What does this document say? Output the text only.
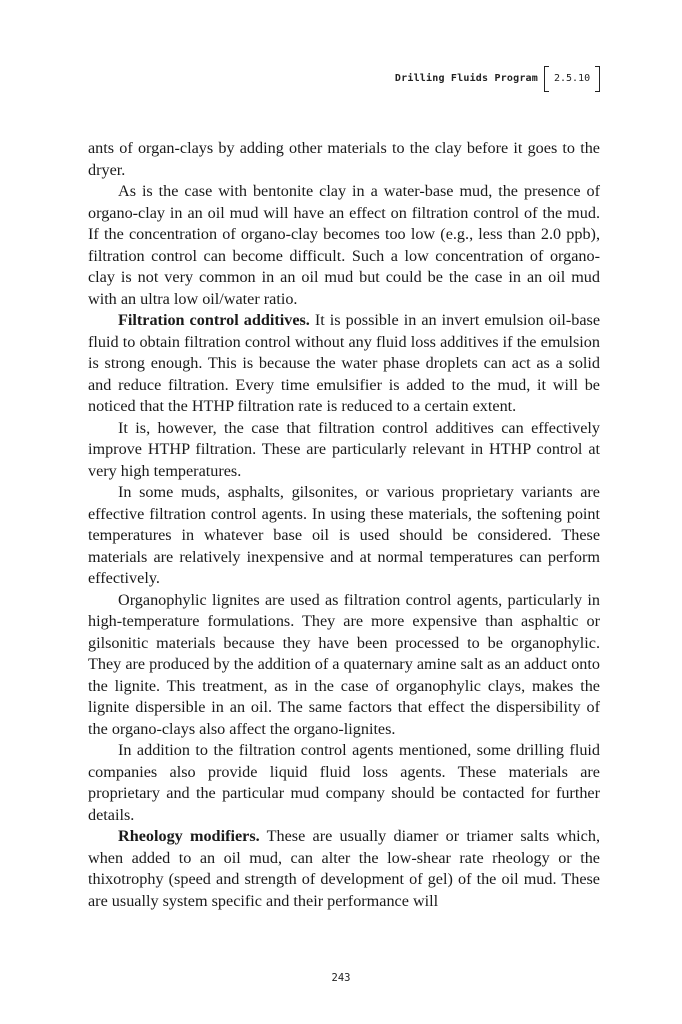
Drilling Fluids Program 2.5.10

ants of organ-clays by adding other materials to the clay before it goes to the dryer.

As is the case with bentonite clay in a water-base mud, the presence of organo-clay in an oil mud will have an effect on filtration control of the mud. If the concentration of organo-clay becomes too low (e.g., less than 2.0 ppb), filtration control can become difficult. Such a low concentration of organo-clay is not very common in an oil mud but could be the case in an oil mud with an ultra low oil/water ratio.

Filtration control additives. It is possible in an invert emulsion oil-base fluid to obtain filtration control without any fluid loss additives if the emulsion is strong enough. This is because the water phase droplets can act as a solid and reduce filtration. Every time emulsifier is added to the mud, it will be noticed that the HTHP filtration rate is reduced to a certain extent.

It is, however, the case that filtration control additives can effectively improve HTHP filtration. These are particularly relevant in HTHP control at very high temperatures.

In some muds, asphalts, gilsonites, or various proprietary variants are effective filtration control agents. In using these materials, the softening point temperatures in whatever base oil is used should be considered. These materials are relatively inexpensive and at normal temperatures can perform effectively.

Organophylic lignites are used as filtration control agents, particularly in high-temperature formulations. They are more expensive than asphaltic or gilsonitic materials because they have been processed to be organophylic. They are produced by the addition of a quaternary amine salt as an adduct onto the lignite. This treatment, as in the case of organophylic clays, makes the lignite dispersible in an oil. The same factors that effect the dispersibility of the organo-clays also affect the organo-lignites.

In addition to the filtration control agents mentioned, some drilling fluid companies also provide liquid fluid loss agents. These materials are proprietary and the particular mud company should be contacted for further details.

Rheology modifiers. These are usually diamer or triamer salts which, when added to an oil mud, can alter the low-shear rate rheology or the thixotrophy (speed and strength of development of gel) of the oil mud. These are usually system specific and their performance will

243
